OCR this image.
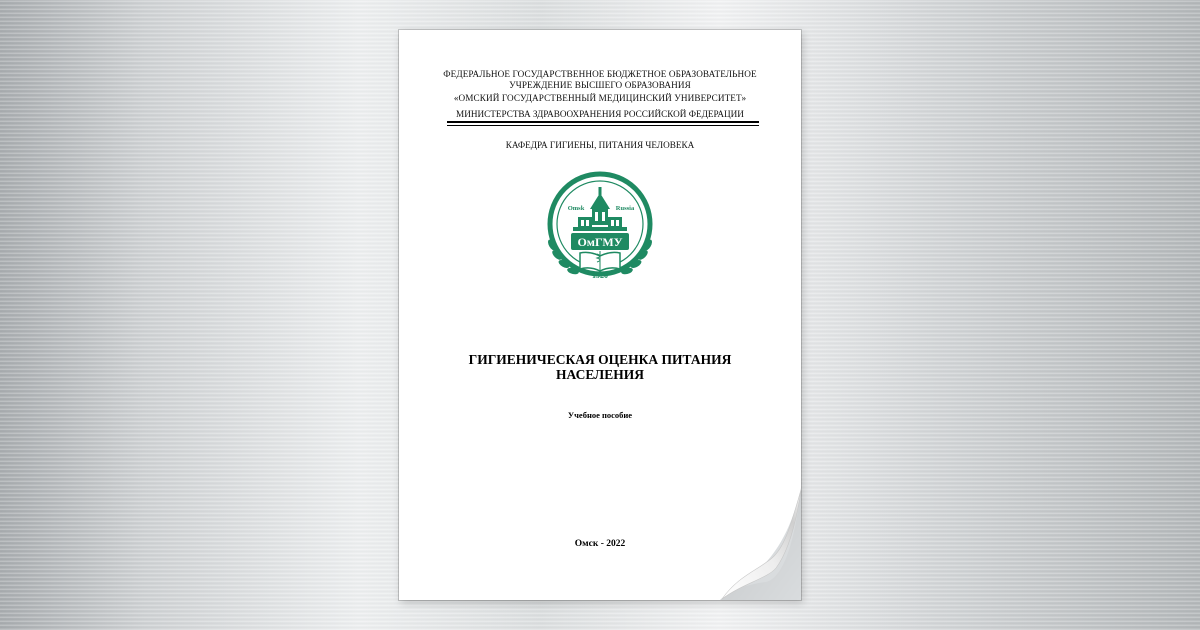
ФЕДЕРАЛЬНОЕ ГОСУДАРСТВЕННОЕ БЮДЖЕТНОЕ ОБРАЗОВАТЕЛЬНОЕ
УЧРЕЖДЕНИЕ ВЫСШЕГО ОБРАЗОВАНИЯ
«ОМСКИЙ ГОСУДАРСТВЕННЫЙ МЕДИЦИНСКИЙ УНИВЕРСИТЕТ»
МИНИСТЕРСТВА ЗДРАВООХРАНЕНИЯ РОССИЙСКОЙ ФЕДЕРАЦИИ
КАФЕДРА ГИГИЕНЫ, ПИТАНИЯ ЧЕЛОВЕКА
Omsk	Russia
ОмГМУ
1920
ГИГИЕНИЧЕСКАЯ ОЦЕНКА ПИТАНИЯ
НАСЕЛЕНИЯ
Учебное пособие
Омск - 2022
